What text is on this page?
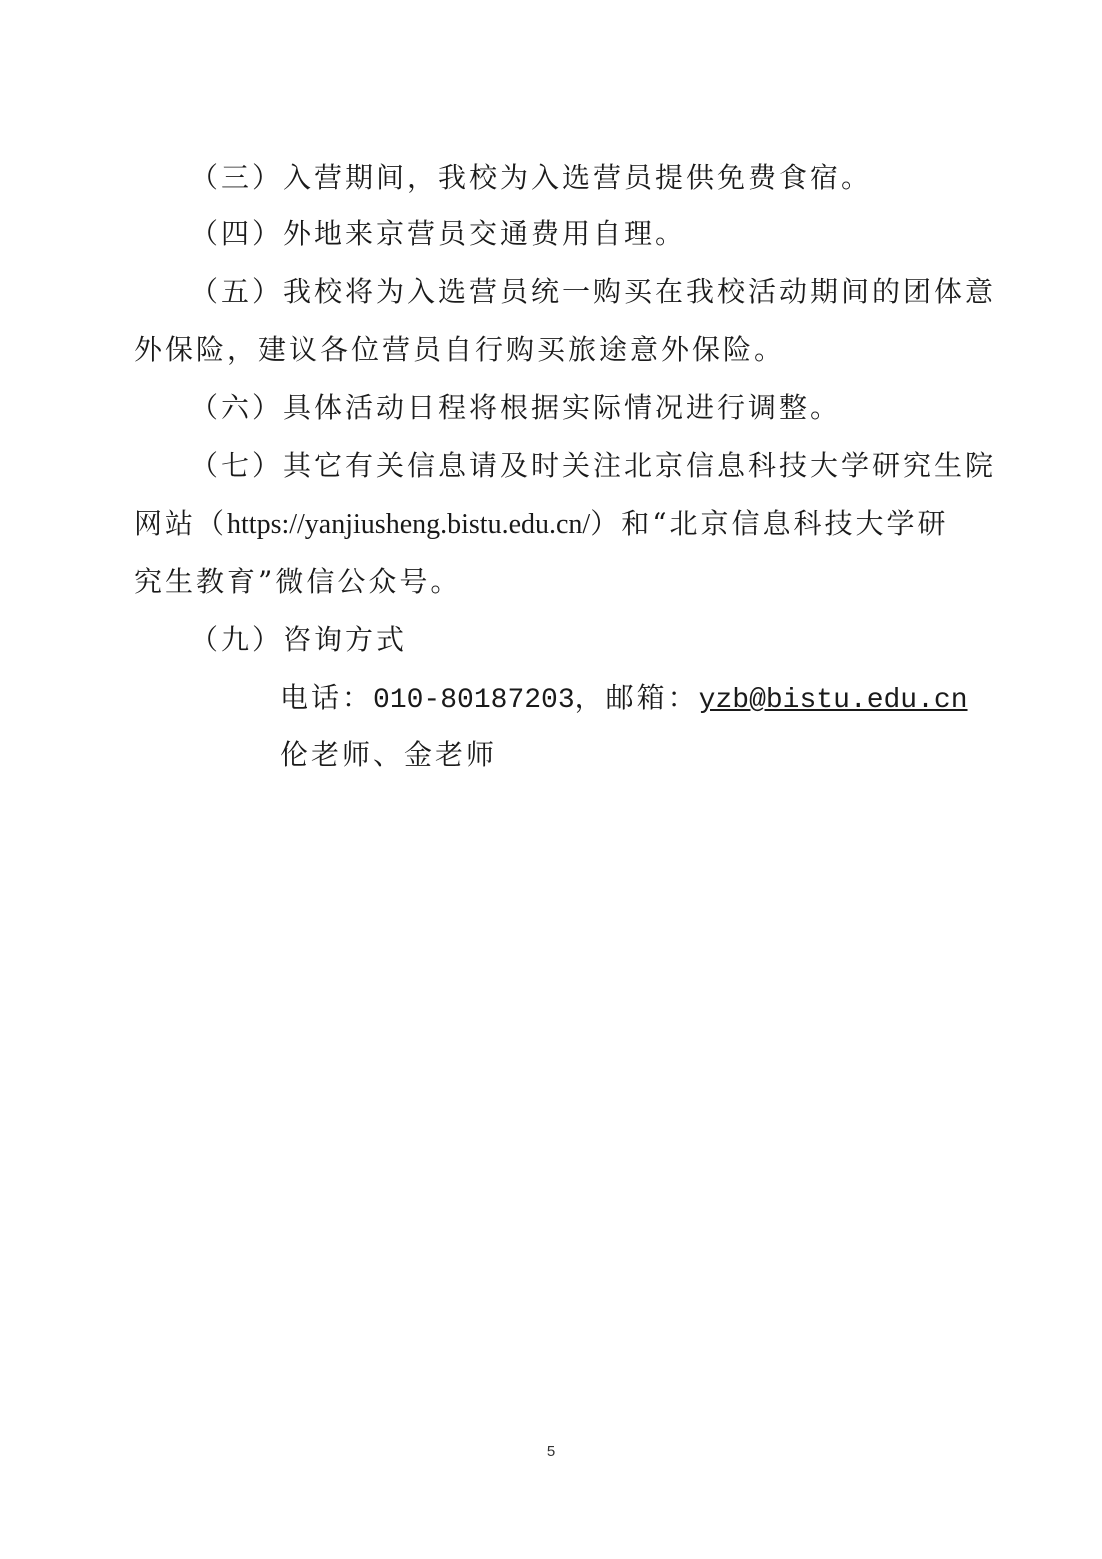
（三）入营期间，我校为入选营员提供免费食宿。
（四）外地来京营员交通费用自理。
（五）我校将为入选营员统一购买在我校活动期间的团体意
外保险，建议各位营员自行购买旅途意外保险。
（六）具体活动日程将根据实际情况进行调整。
（七）其它有关信息请及时关注北京信息科技大学研究生院
网站（https://yanjiusheng.bistu.edu.cn/）和“北京信息科技大学研
究生教育”微信公众号。
（九）咨询方式
电话：010-80187203，邮箱：yzb@bistu.edu.cn
伦老师、金老师
5
